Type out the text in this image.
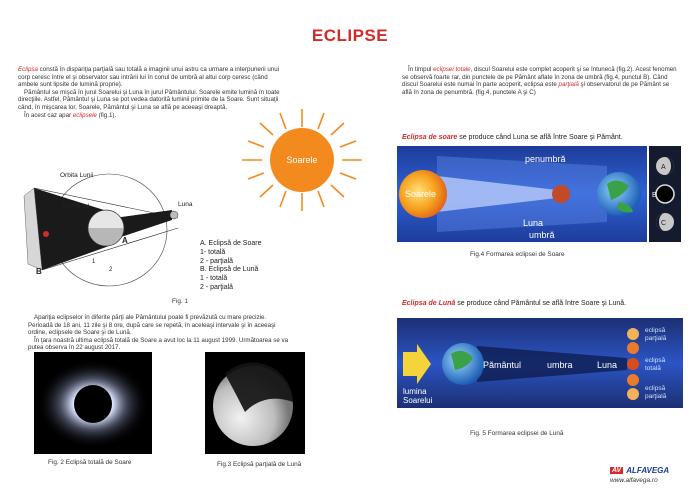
ECLIPSE

Eclipsa constă în dispariţia parţială sau totală a imaginii unui astru ca urmare a interpunerii unui corp ceresc între el şi observator sau intrării lui în conul de umbră al altui corp ceresc (când ambele sunt lipsite de lumină proprie).

Pământul se mişcă în jurul Soarelui şi Luna în jurul Pământului. Soarele emite lumină în toate direcţiile. Astfel, Pământul şi Luna se pot vedea datorită luminii primite de la Soare. Sunt situaţii când, în mişcarea lor, Soarele, Pământul şi Luna se află pe aceeaşi dreaptă.

În acest caz apar eclipsele (fig.1).

Soarele
Orbita Lunii
Pământul	Luna
A
B
1
2
Fig. 1
A. Eclipsă de Soare
1- totală
2 - parţială
B. Eclipsă de Lună
1 - totală
2 - parţială

Apariţia eclipselor în diferite părţi ale Pământului poate fi prevăzută cu mare precizie. Perioadă de 18 ani, 11 zile şi 8 ore, după care se repetă, în aceleaşi intervale şi în aceeaşi ordine, eclipsele de Soare şi de Lună.

În ţara noastră ultima eclipsă totală de Soare a avut loc la 11 august 1999. Următoarea se va putea observa în 22 august 2017.

Fig. 2 Eclipsă totală de Soare	Fig.3 Eclipsă parţială de Lună

În timpul eclipsei totale, discul Soarelui este complet acoperit şi se întunecă (fig.2). Acest fenomen se observă foarte rar, din punctele de pe Pământ aflate în zona de umbră (fig.4, punctul B). Când discul Soarelui este numai în parte acoperit, eclipsa este parţială şi observatorul de pe Pământ se află în zona de penumbră. (fig.4, punctele A şi C)

Eclipsa de soare se produce când Luna se află între Soare şi Pământ.
Soarele
penumbră
Luna
umbră
A
B
C
Fig.4 Formarea eclipsei de Soare
Eclipsa de Lună se produce când Pământul se află între Soare şi Lună.
Pământul	umbra	Luna
lumina
Soarelui
eclipsă
parţială
eclipsă
totală
eclipsă
parţială
Fig. 5 Formarea eclipsei de Lună
AV ALFAVEGA
www.alfavega.ro
